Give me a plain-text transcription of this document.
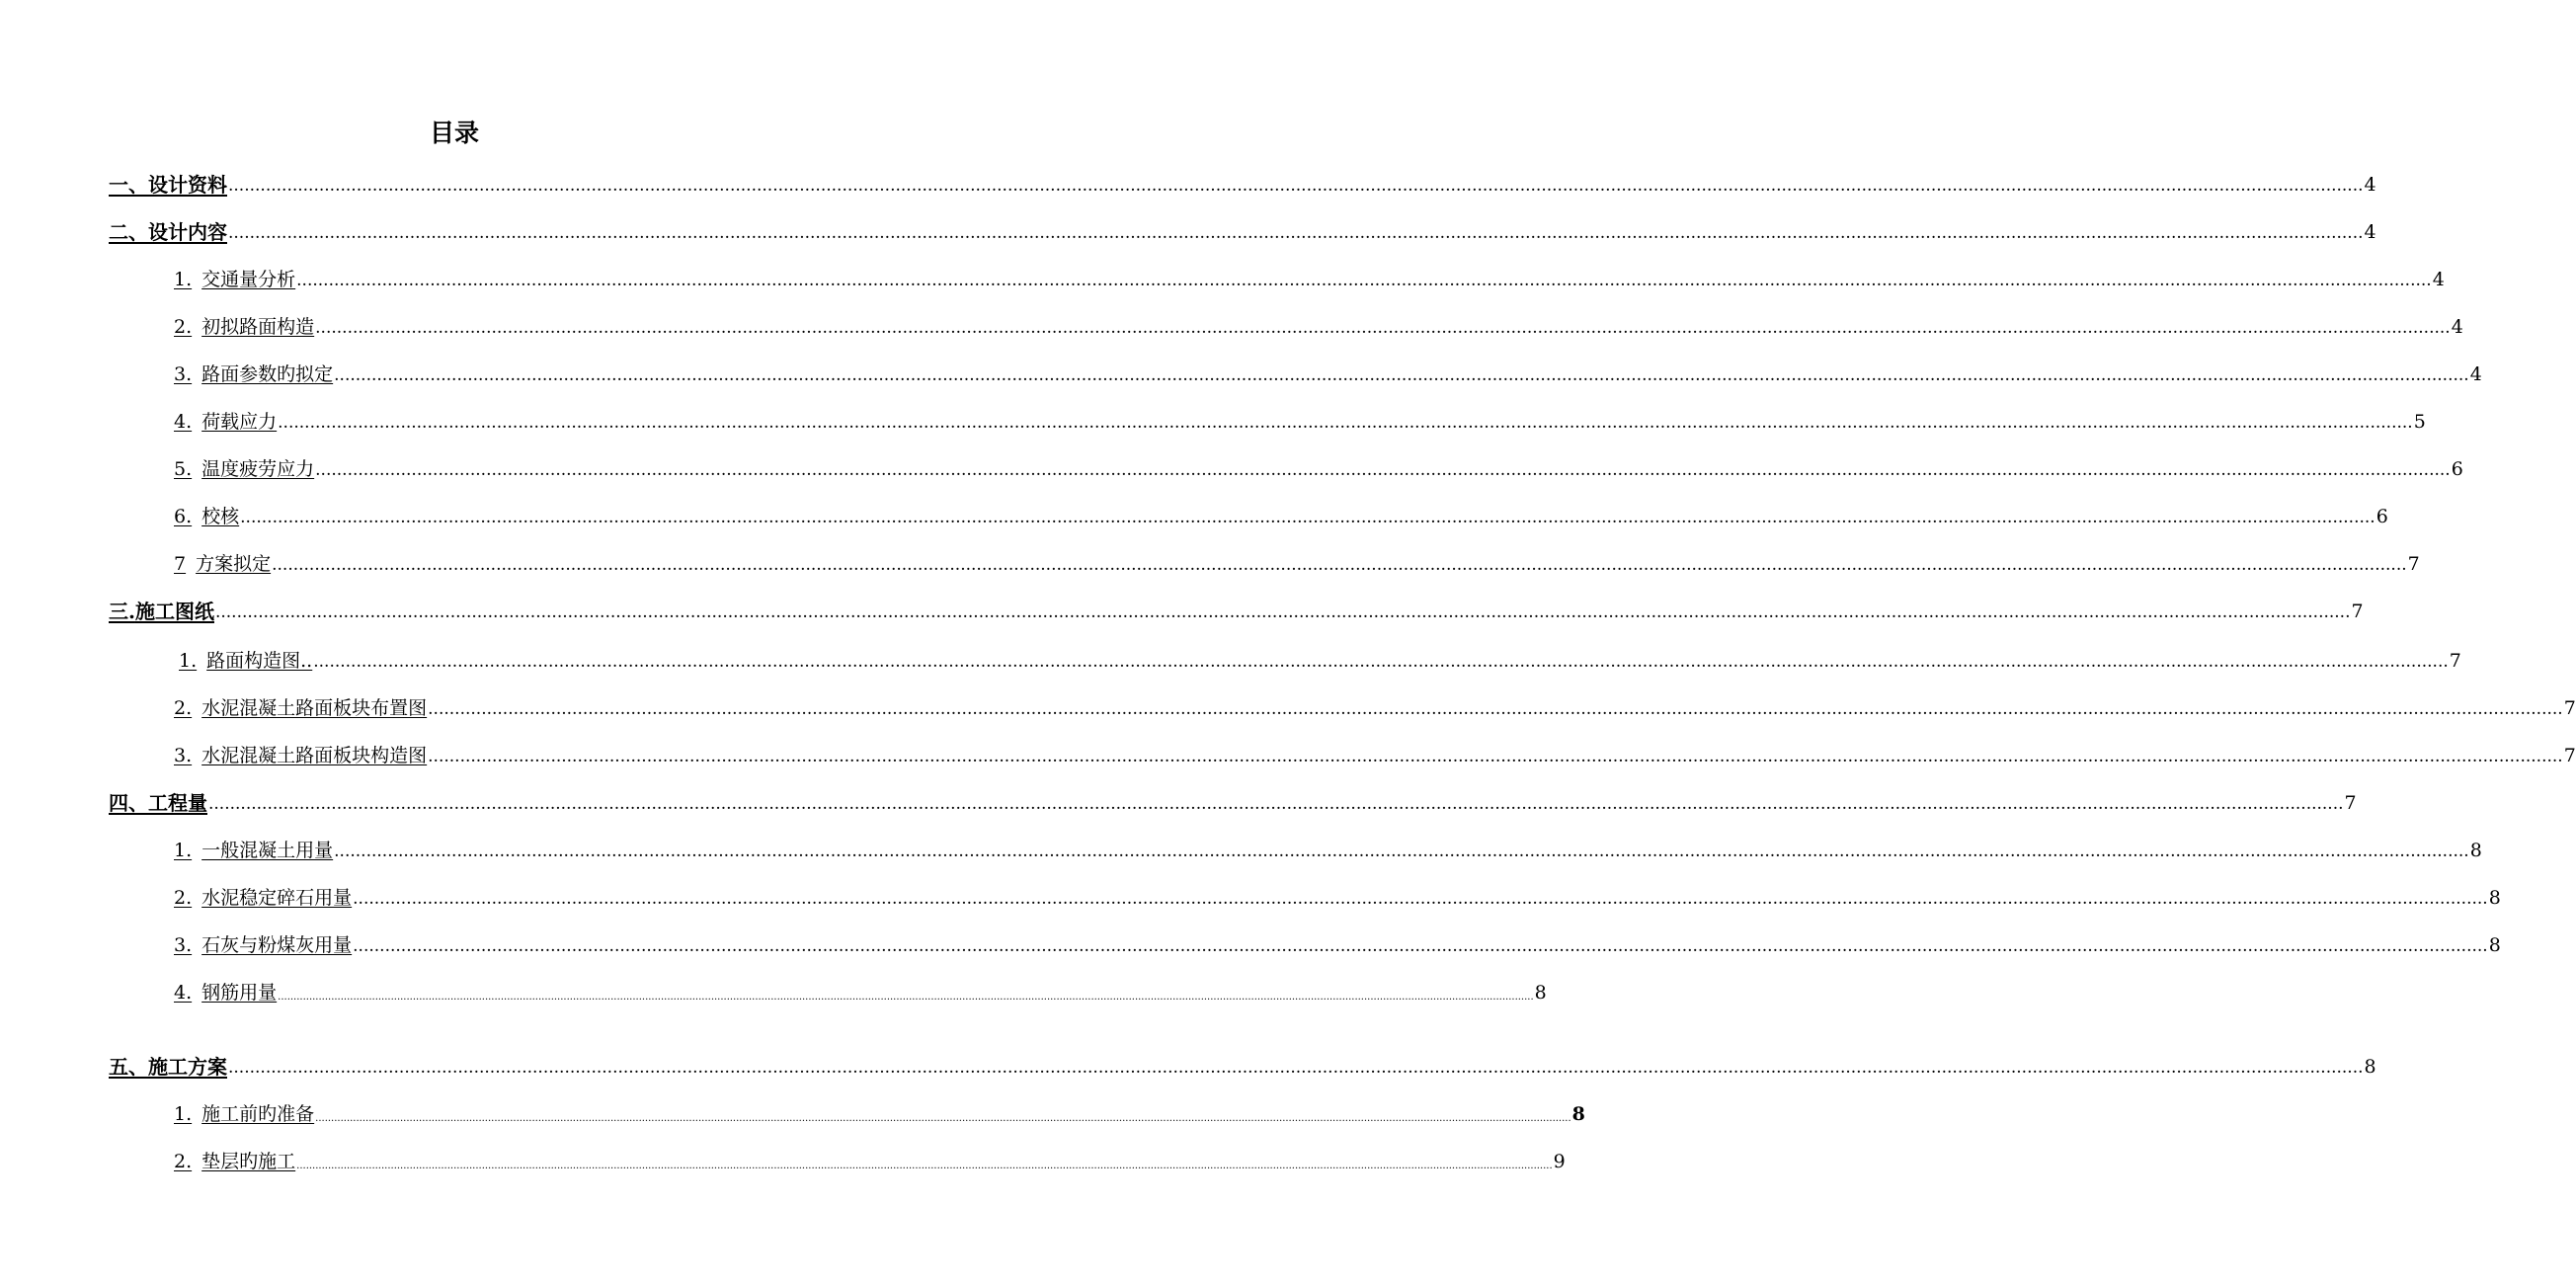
目录
一、 设计资料 ................................................................................................................................................................................................................................................................................................................................................................................................................ 4
二、 设计内容 ................................................................................................................................................................................................................................................................................................................................................................................................................ 4
1. 交通量分析 ................................................................................................................................................................................................................................................................................................................................................................................................................ 4
2. 初拟路面构造 ................................................................................................................................................................................................................................................................................................................................................................................................................ 4
3. 路面参数旳拟定 ................................................................................................................................................................................................................................................................................................................................................................................................................ 4
4. 荷载应力 ................................................................................................................................................................................................................................................................................................................................................................................................................ 5
5. 温度疲劳应力 ................................................................................................................................................................................................................................................................................................................................................................................................................ 6
6. 校核 ................................................................................................................................................................................................................................................................................................................................................................................................................ 6
7 方案拟定 ................................................................................................................................................................................................................................................................................................................................................................................................................ 7
三. 施工图纸 ................................................................................................................................................................................................................................................................................................................................................................................................................ 7
1. 路面构造图.. ................................................................................................................................................................................................................................................................................................................................................................................................................ 7
2. 水泥混凝土路面板块布置图 ................................................................................................................................................................................................................................................................................................................................................................................................................ 7
3. 水泥混凝土路面板块构造图 ................................................................................................................................................................................................................................................................................................................................................................................................................ 7
四、 工程量 ................................................................................................................................................................................................................................................................................................................................................................................................................ 7
1. 一般混凝土用量 ................................................................................................................................................................................................................................................................................................................................................................................................................ 8
2. 水泥稳定碎石用量 ................................................................................................................................................................................................................................................................................................................................................................................................................ 8
3. 石灰与粉煤灰用量 ................................................................................................................................................................................................................................................................................................................................................................................................................ 8
4. 钢筋用量 ................................................................................................................................................................................................................................................................................................................................................................................................................ 8
五、 施工方案 ................................................................................................................................................................................................................................................................................................................................................................................................................ 8
1. 施工前旳准备 ................................................................................................................................................................................................................................................................................................................................................................................................................ 8
2. 垫层旳施工 ................................................................................................................................................................................................................................................................................................................................................................................................................ 9
